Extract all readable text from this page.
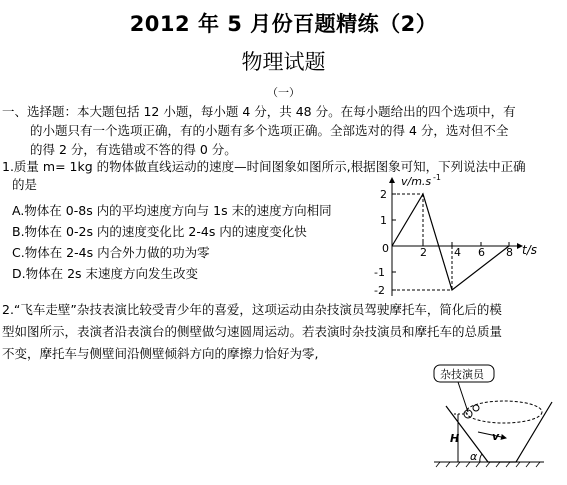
2012 年 5 月份百题精练（2）
物理试题
（一）
一、选择题：本大题包括 12 小题，每小题 4 分，共 48 分。在每小题给出的四个选项中，有
的小题只有一个选项正确，有的小题有多个选项正确。全部选对的得 4 分，选对但不全
的得 2 分，有选错或不答的得 0 分。
1.质量 m= 1kg 的物体做直线运动的速度—时间图象如图所示,根据图象可知，下列说法中正确
的是
A.物体在 0-8s 内的平均速度方向与 1s 末的速度方向相同
B.物体在 0-2s 内的速度变化比 2-4s 内的速度变化快
C.物体在 2-4s 内合外力做的功为零
D.物体在 2s 末速度方向发生改变
v/m.s -1
t/s
2
1
0
-1
-2
2 4 6 8
2.“飞车走壁”杂技表演比较受青少年的喜爱，这项运动由杂技演员驾驶摩托车，简化后的模
型如图所示，表演者沿表演台的侧壁做匀速圆周运动。若表演时杂技演员和摩托车的总质量
不变，摩托车与侧壁间沿侧壁倾斜方向的摩擦力恰好为零,
杂技演员
H	v
α
